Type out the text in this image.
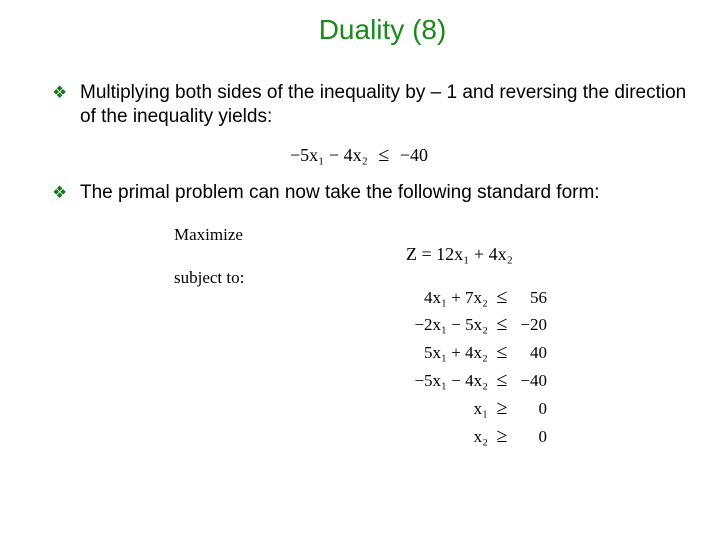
Duality (8)
❖ Multiplying both sides of the inequality by – 1 and reversing the direction of the inequality yields:
−5x₁ − 4x₂ ≤ −40
❖ The primal problem can now take the following standard form:
Maximize
subject to:
Z = 12x₁ + 4x₂
4x₁ + 7x₂ ≤	56
−2x₁ − 5x₂ ≤ −20
5x₁ + 4x₂ ≤	40
−5x₁ − 4x₂ ≤ −40
x₁ ≥	0
x₂ ≥	0
